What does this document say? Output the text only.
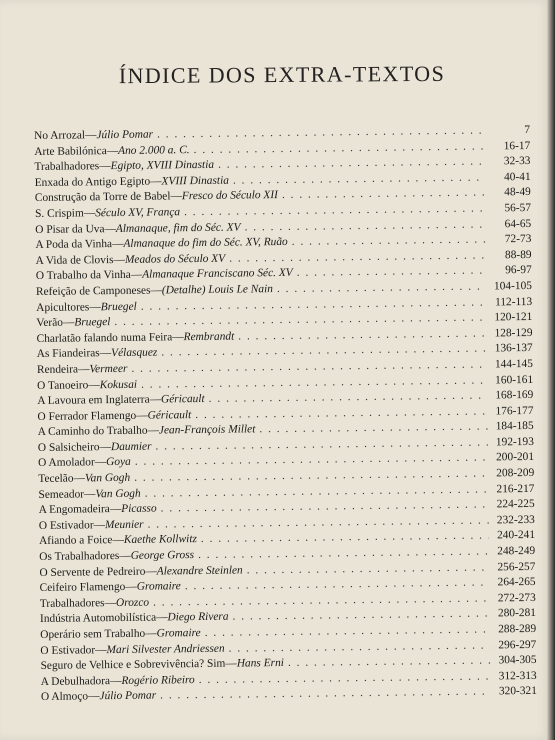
ÍNDICE DOS EXTRA-TEXTOS
No Arrozal—Júlio Pomar . . .	7
Arte Babilónica—Ano 2.000 a. C. . . .	16-17
Trabalhadores—Egipto, XVIII Dinastia . . .	32-33
Enxada do Antigo Egipto—XVIII Dinastia . . .	40-41
Construção da Torre de Babel—Fresco do Século XII . . .	48-49
S. Crispim—Século XV, França . . .	56-57
O Pisar da Uva—Almanaque, fim do Séc. XV . . .	64-65
A Poda da Vinha—Almanaque do fim do Séc. XV, Ruão . . .	72-73
A Vida de Clovis—Meados do Século XV . . .	88-89
O Trabalho da Vinha—Almanaque Franciscano Séc. XV . . .	96-97
Refeição de Camponeses—(Detalhe) Louis Le Nain . . .	104-105
Apicultores—Bruegel . . .	112-113
Verão—Bruegel . . .	120-121
Charlatão falando numa Feira—Rembrandt . . .	128-129
As Fiandeiras—Vélasquez . . .	136-137
Rendeira—Vermeer . . .	144-145
O Tanoeiro—Kokusai . . .	160-161
A Lavoura em Inglaterra—Géricault . . .	168-169
O Ferrador Flamengo—Géricault . . .	176-177
A Caminho do Trabalho—Jean-François Millet . . .	184-185
O Salsicheiro—Daumier . . .	192-193
O Amolador—Goya . . .	200-201
Tecelão—Van Gogh . . .	208-209
Semeador—Van Gogh . . .	216-217
A Engomadeira—Picasso . . .	224-225
O Estivador—Meunier . . .	232-233
Afiando a Foice—Kaethe Kollwitz . . .	240-241
Os Trabalhadores—George Gross . . .	248-249
O Servente de Pedreiro—Alexandre Steinlen . . .	256-257
Ceifeiro Flamengo—Gromaire . . .	264-265
Trabalhadores—Orozco . . .	272-273
Indústria Automobilística—Diego Rivera . . .	280-281
Operário sem Trabalho—Gromaire . . .	288-289
O Estivador—Mari Silvester Andriessen . . .	296-297
Seguro de Velhice e Sobrevivência? Sim—Hans Erni . . .	304-305
A Debulhadora—Rogério Ribeiro . . .	312-313
O Almoço—Júlio Pomar . . .	320-321
